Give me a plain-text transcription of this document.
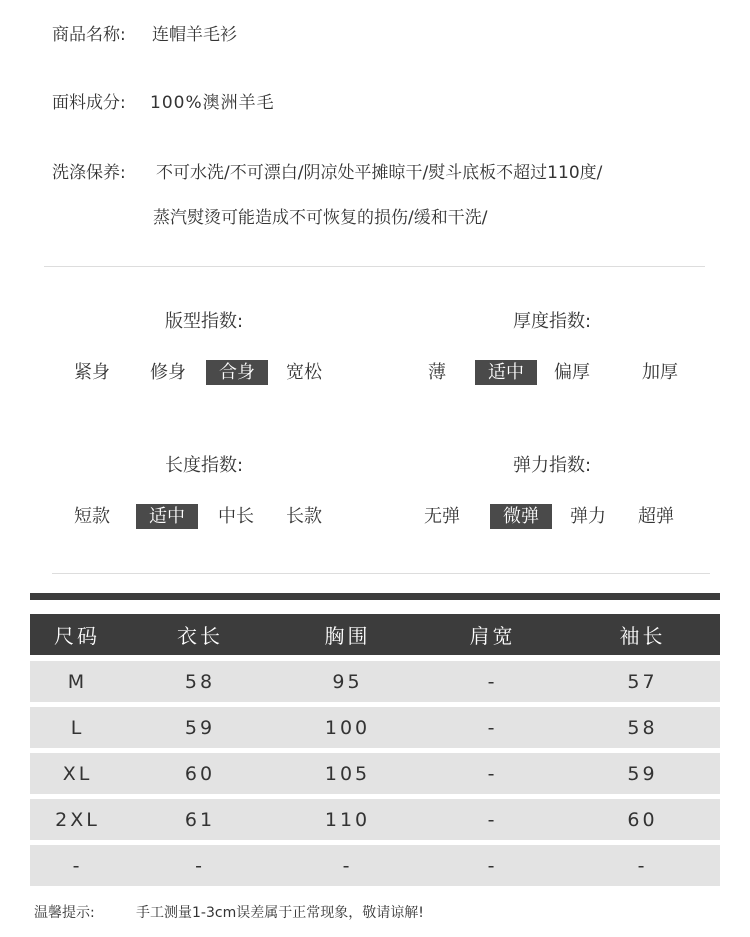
商品名称: 连帽羊毛衫
面料成分: 100%澳洲羊毛
洗涤保养: 不可水洗/不可漂白/阴凉处平摊晾干/熨斗底板不超过110度/
蒸汽熨烫可能造成不可恢复的损伤/缓和干洗/
版型指数:
紧身	修身	合身	宽松
厚度指数:
薄	适中	偏厚	加厚
长度指数:
短款	适中	中长	长款
弹力指数:
无弹	微弹	弹力	超弹
尺码	衣长	胸围	肩宽	袖长
M	58	95	-	57
L	59	100	-	58
XL	60	105	-	59
2XL	61	110	-	60
-	-	-	-	-
温馨提示:	手工测量1-3cm误差属于正常现象，敬请谅解!
